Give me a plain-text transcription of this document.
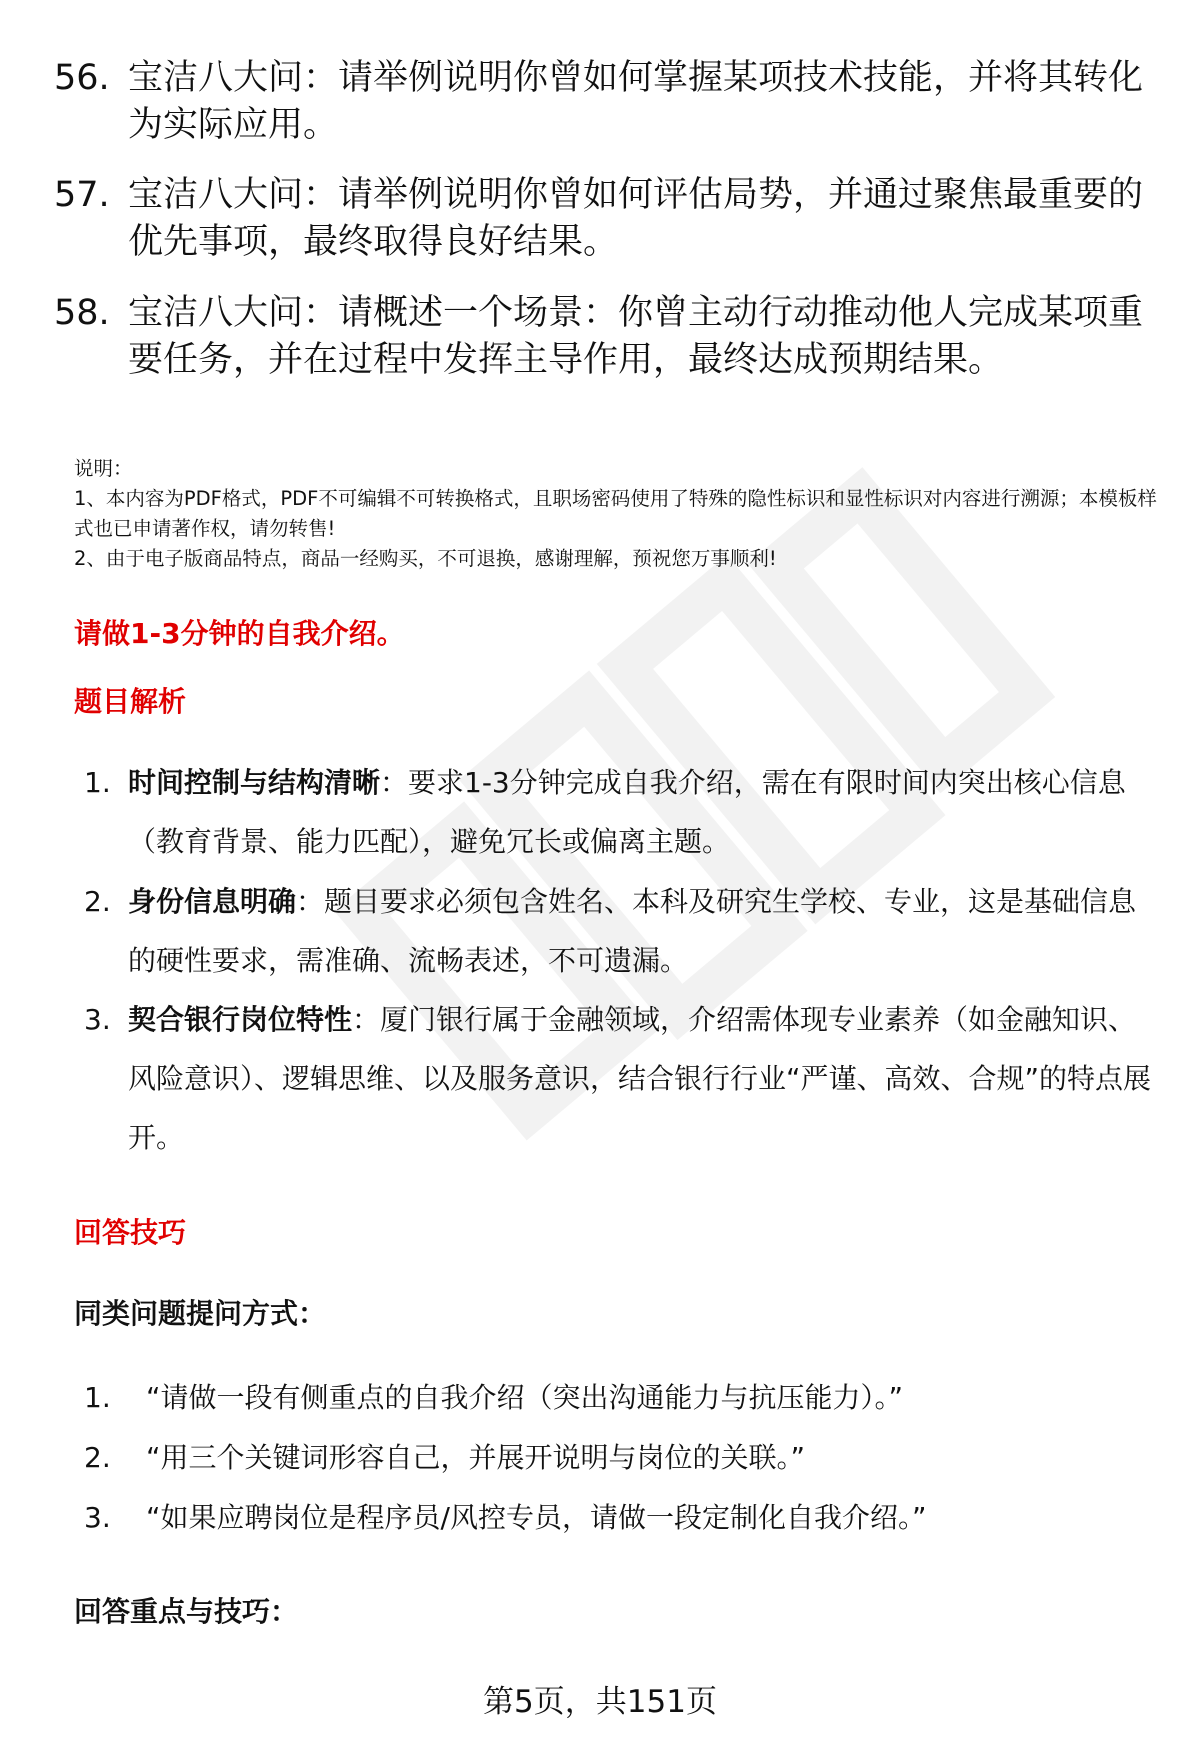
56. 宝洁八大问：请举例说明你曾如何掌握某项技术技能，并将其转化为实际应用。
57. 宝洁八大问：请举例说明你曾如何评估局势，并通过聚焦最重要的优先事项，最终取得良好结果。
58. 宝洁八大问：请概述一个场景：你曾主动行动推动他人完成某项重要任务，并在过程中发挥主导作用，最终达成预期结果。
说明：
1、本内容为PDF格式，PDF不可编辑不可转换格式，且职场密码使用了特殊的隐性标识和显性标识对内容进行溯源；本模板样式也已申请著作权，请勿转售!
2、由于电子版商品特点，商品一经购买，不可退换，感谢理解，预祝您万事顺利!
请做1-3分钟的自我介绍。
题目解析
1. 时间控制与结构清晰：要求1-3分钟完成自我介绍，需在有限时间内突出核心信息（教育背景、能力匹配），避免冗长或偏离主题。
2. 身份信息明确：题目要求必须包含姓名、本科及研究生学校、专业，这是基础信息的硬性要求，需准确、流畅表述，不可遗漏。
3. 契合银行岗位特性：厦门银行属于金融领域，介绍需体现专业素养（如金融知识、风险意识）、逻辑思维、以及服务意识，结合银行行业“严谨、高效、合规”的特点展开。
回答技巧
同类问题提问方式：
1.	“请做一段有侧重点的自我介绍（突出沟通能力与抗压能力）。”
2.	“用三个关键词形容自己，并展开说明与岗位的关联。”
3.	“如果应聘岗位是程序员/风控专员，请做一段定制化自我介绍。”
回答重点与技巧：
第5页，共151页
